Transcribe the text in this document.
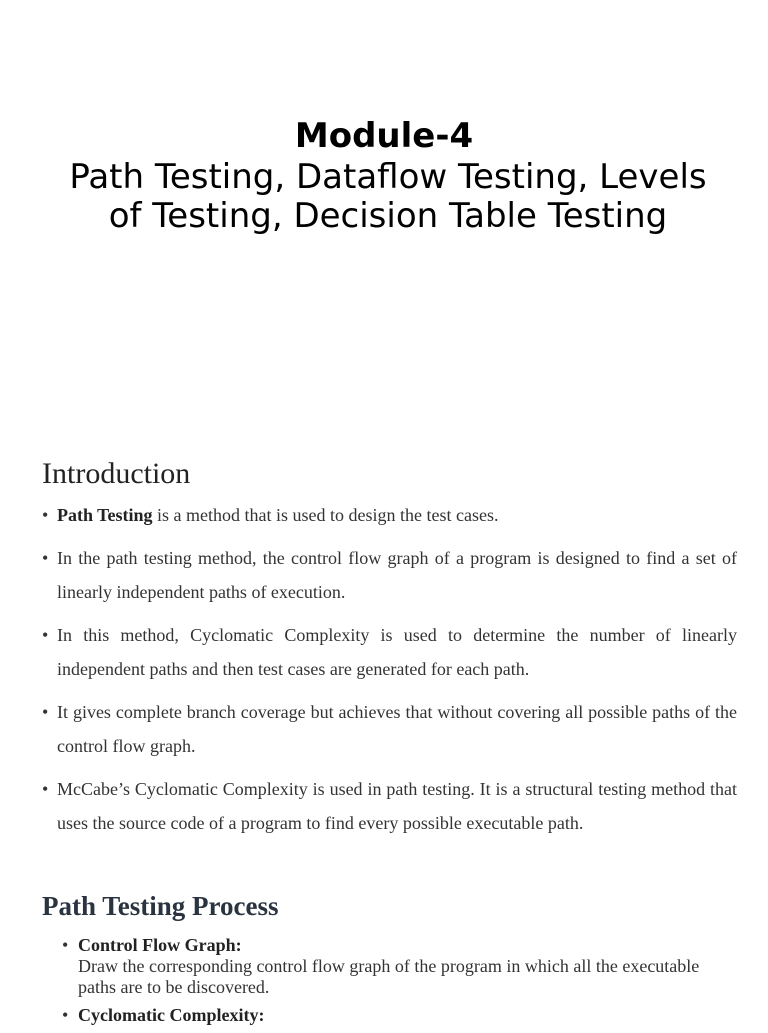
Module-4
Path Testing, Dataflow Testing, Levels of Testing, Decision Table Testing
Introduction
• Path Testing is a method that is used to design the test cases.
• In the path testing method, the control flow graph of a program is designed to find a set of linearly independent paths of execution.
• In this method, Cyclomatic Complexity is used to determine the number of linearly independent paths and then test cases are generated for each path.
• It gives complete branch coverage but achieves that without covering all possible paths of the control flow graph.
• McCabe’s Cyclomatic Complexity is used in path testing. It is a structural testing method that uses the source code of a program to find every possible executable path.
Path Testing Process
• Control Flow Graph:
Draw the corresponding control flow graph of the program in which all the executable paths are to be discovered.
• Cyclomatic Complexity:
